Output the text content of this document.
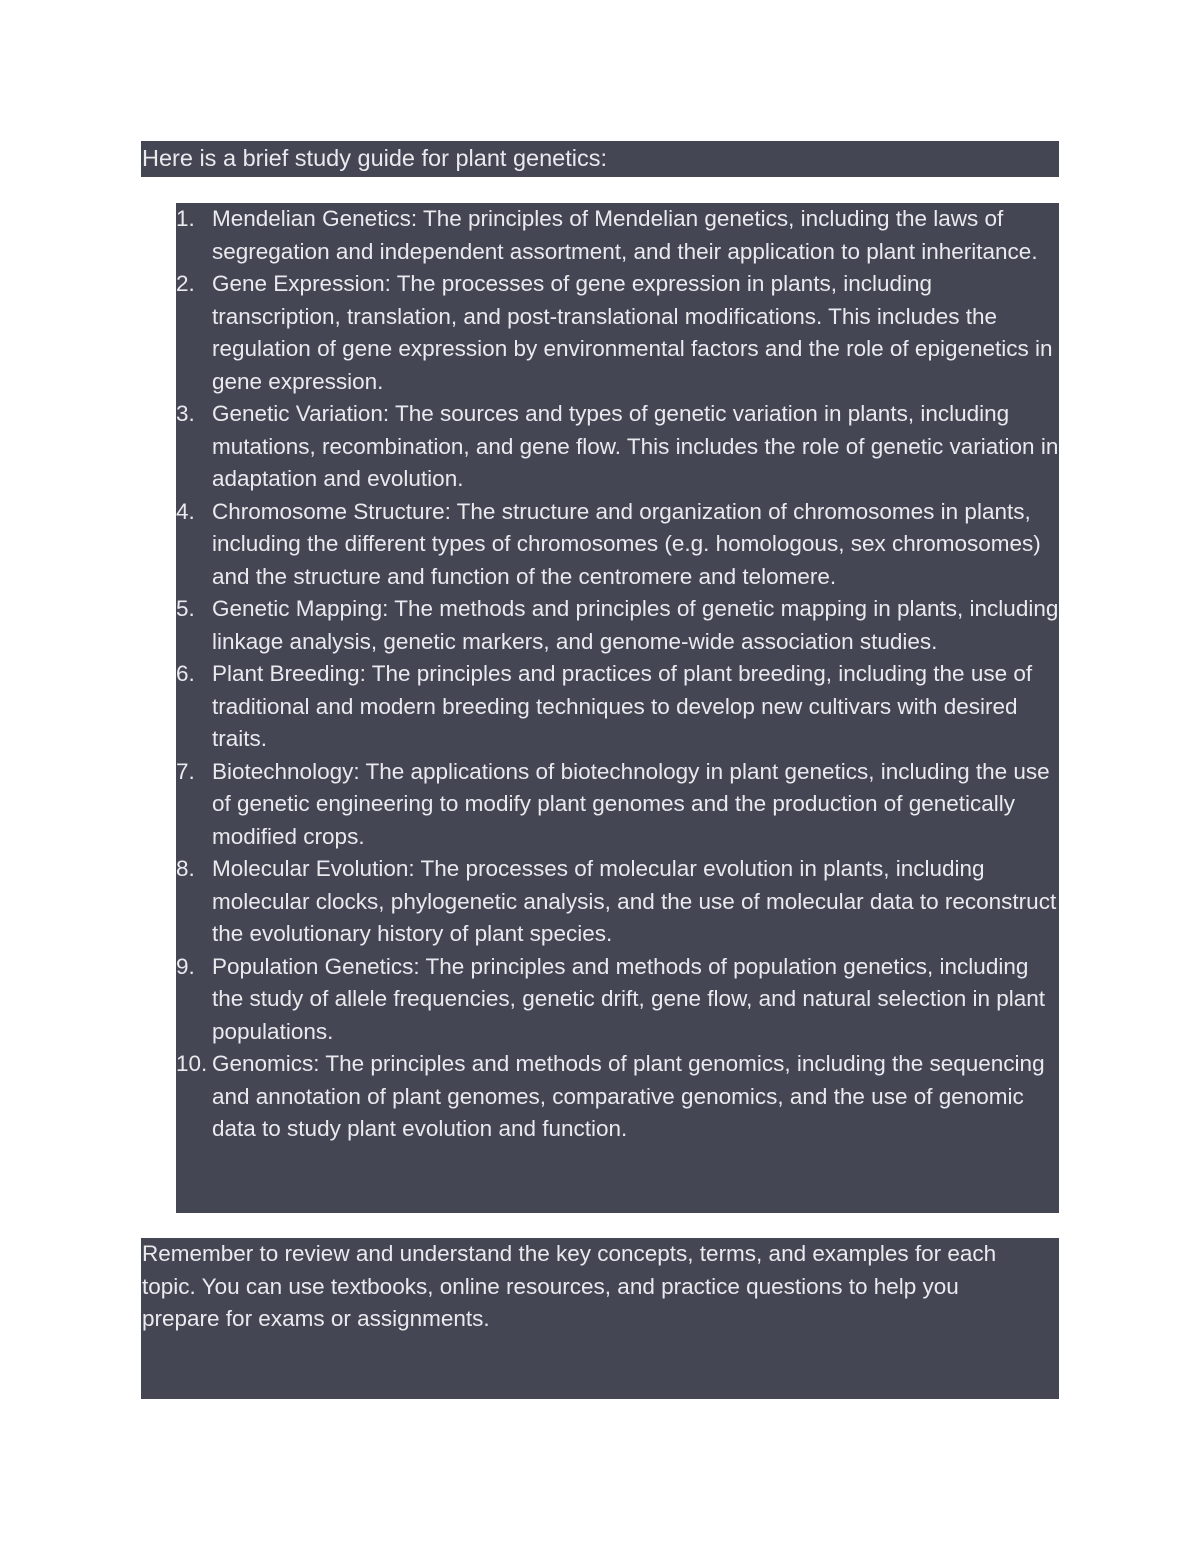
Here is a brief study guide for plant genetics:
1. Mendelian Genetics: The principles of Mendelian genetics, including the laws of segregation and independent assortment, and their application to plant inheritance.
2. Gene Expression: The processes of gene expression in plants, including transcription, translation, and post-translational modifications. This includes the regulation of gene expression by environmental factors and the role of epigenetics in gene expression.
3. Genetic Variation: The sources and types of genetic variation in plants, including mutations, recombination, and gene flow. This includes the role of genetic variation in adaptation and evolution.
4. Chromosome Structure: The structure and organization of chromosomes in plants, including the different types of chromosomes (e.g. homologous, sex chromosomes) and the structure and function of the centromere and telomere.
5. Genetic Mapping: The methods and principles of genetic mapping in plants, including linkage analysis, genetic markers, and genome-wide association studies.
6. Plant Breeding: The principles and practices of plant breeding, including the use of traditional and modern breeding techniques to develop new cultivars with desired traits.
7. Biotechnology: The applications of biotechnology in plant genetics, including the use of genetic engineering to modify plant genomes and the production of genetically modified crops.
8. Molecular Evolution: The processes of molecular evolution in plants, including molecular clocks, phylogenetic analysis, and the use of molecular data to reconstruct the evolutionary history of plant species.
9. Population Genetics: The principles and methods of population genetics, including the study of allele frequencies, genetic drift, gene flow, and natural selection in plant populations.
10. Genomics: The principles and methods of plant genomics, including the sequencing and annotation of plant genomes, comparative genomics, and the use of genomic data to study plant evolution and function.
Remember to review and understand the key concepts, terms, and examples for each topic. You can use textbooks, online resources, and practice questions to help you prepare for exams or assignments.
